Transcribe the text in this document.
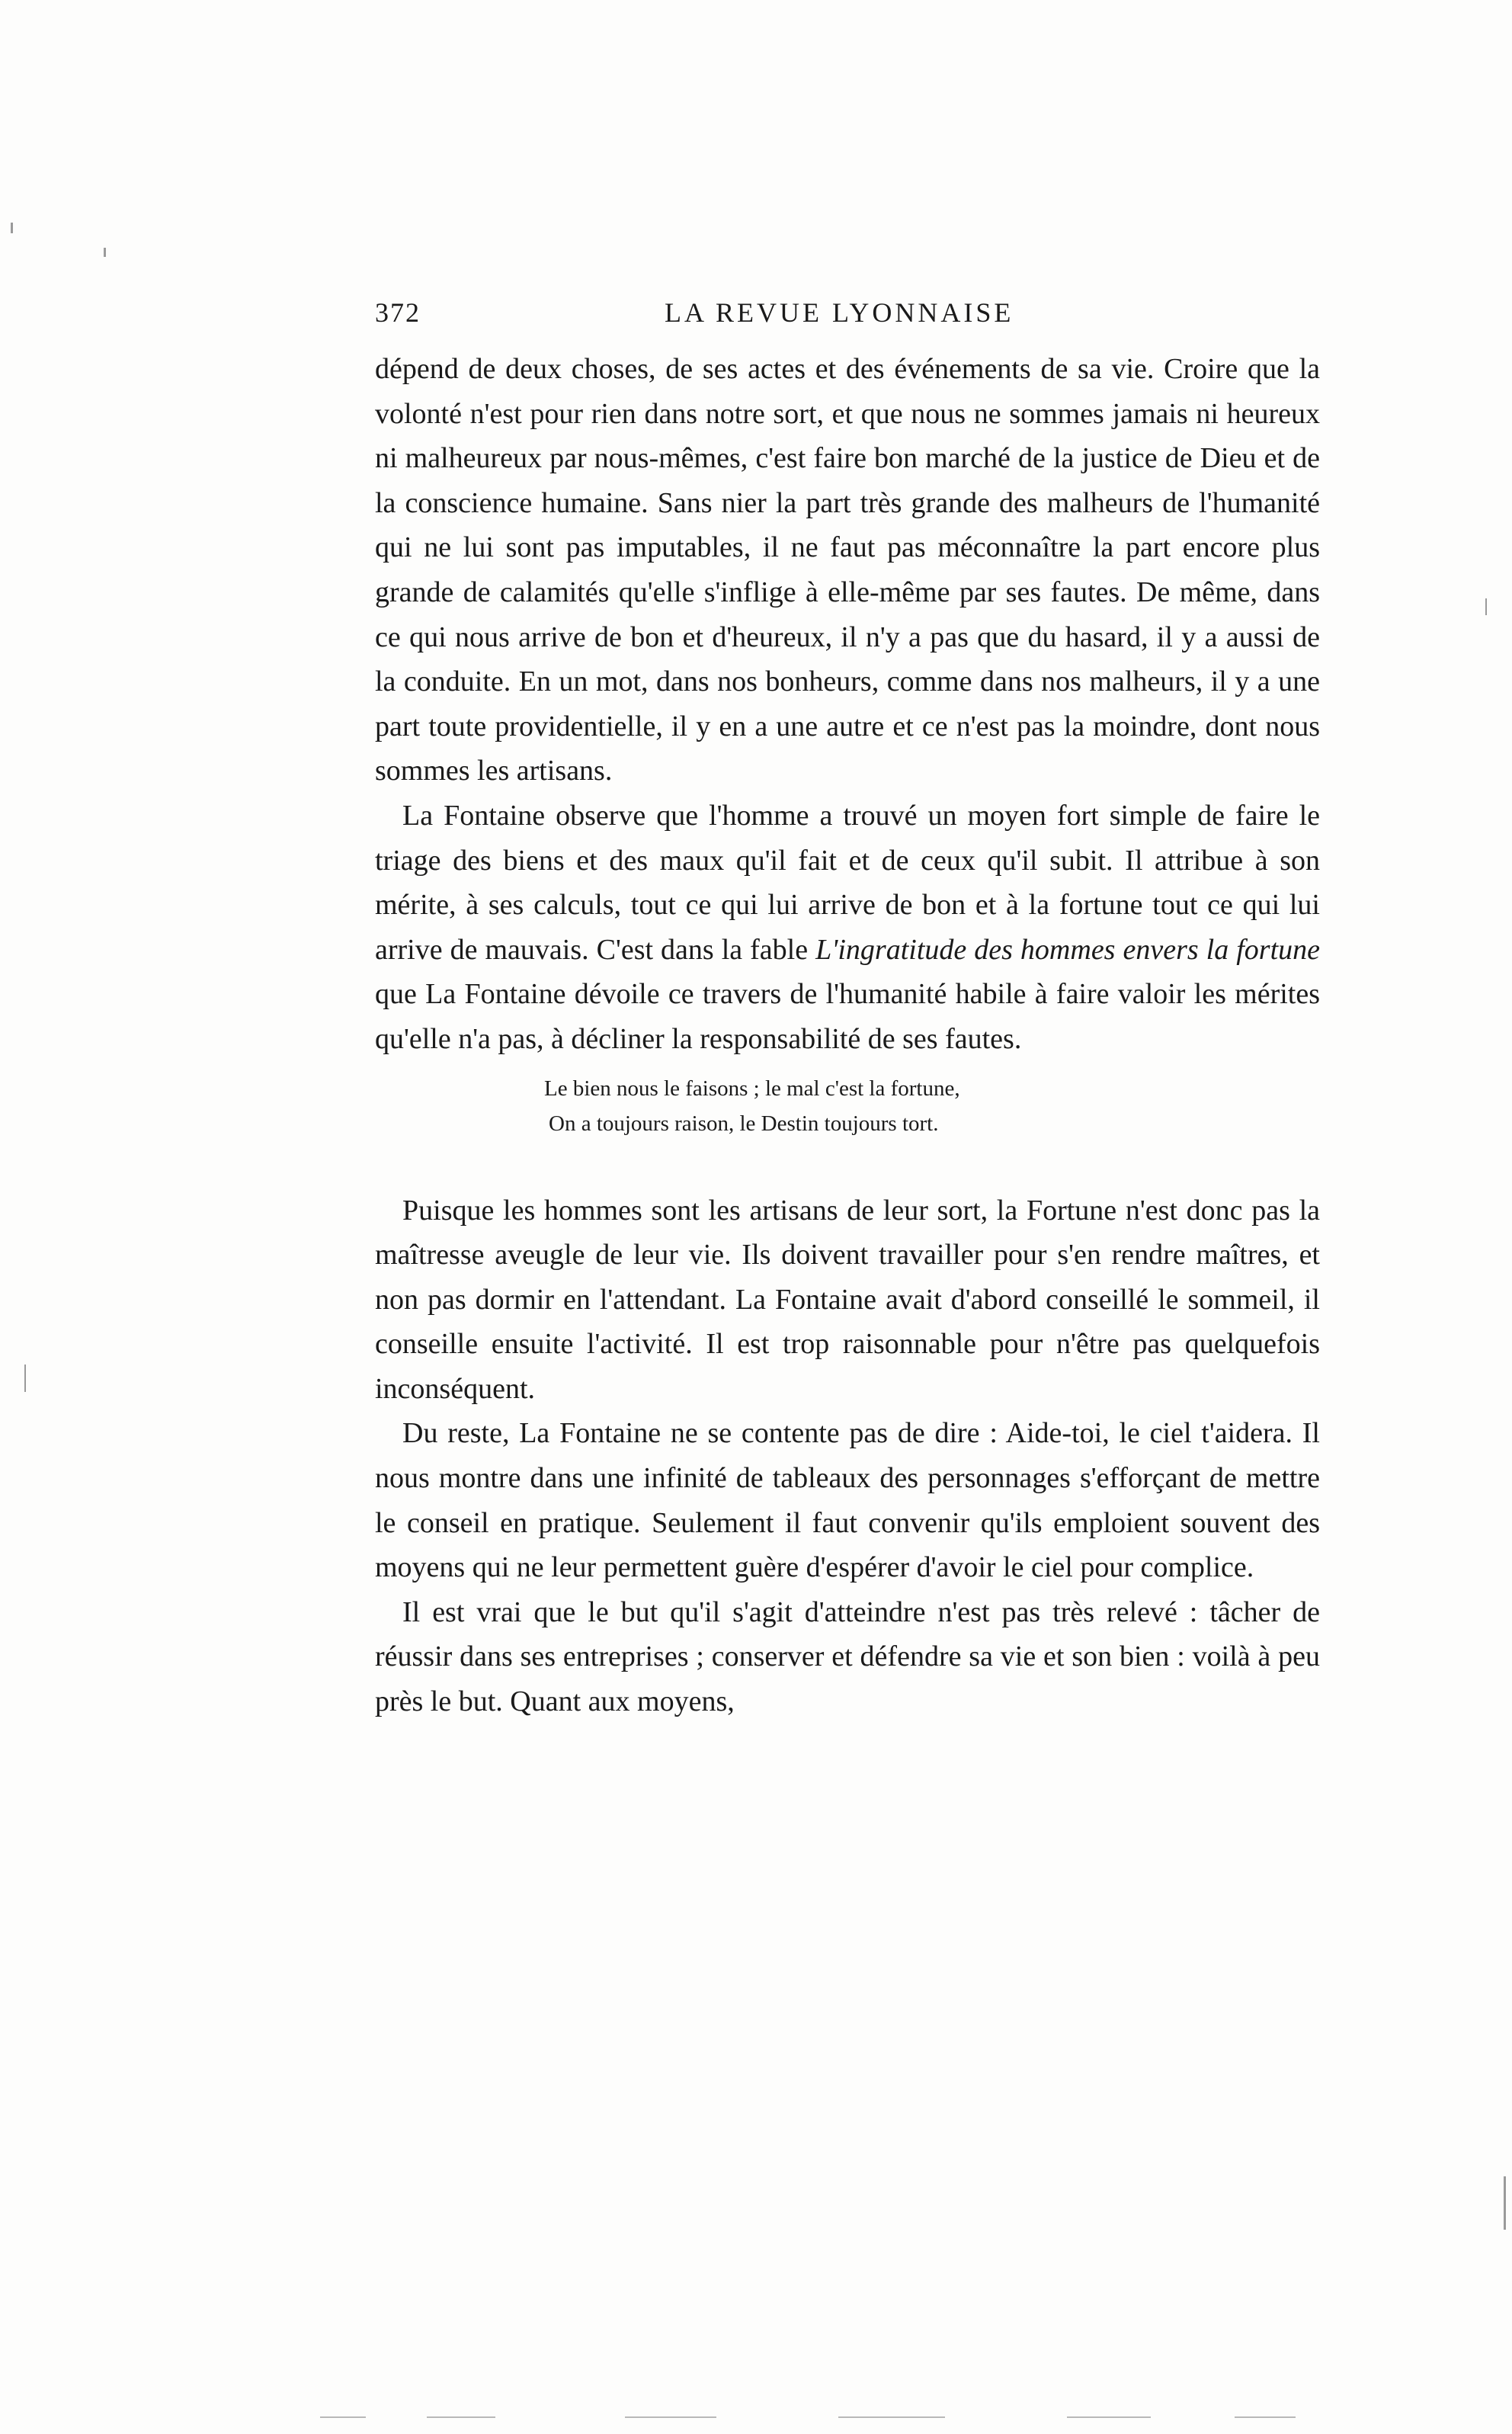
372	LA REVUE LYONNAISE

dépend de deux choses, de ses actes et des événements de sa vie. Croire que la volonté n'est pour rien dans notre sort, et que nous ne sommes jamais ni heureux ni malheureux par nous-mêmes, c'est faire bon marché de la justice de Dieu et de la conscience humaine. Sans nier la part très grande des malheurs de l'humanité qui ne lui sont pas imputables, il ne faut pas méconnaître la part encore plus grande de calamités qu'elle s'inflige à elle-même par ses fautes. De même, dans ce qui nous arrive de bon et d'heureux, il n'y a pas que du hasard, il y a aussi de la conduite. En un mot, dans nos bonheurs, comme dans nos malheurs, il y a une part toute providentielle, il y en a une autre et ce n'est pas la moindre, dont nous sommes les artisans.

La Fontaine observe que l'homme a trouvé un moyen fort simple de faire le triage des biens et des maux qu'il fait et de ceux qu'il subit. Il attribue à son mérite, à ses calculs, tout ce qui lui arrive de bon et à la fortune tout ce qui lui arrive de mauvais. C'est dans la fable L'ingratitude des hommes envers la fortune que La Fontaine dévoile ce travers de l'humanité habile à faire valoir les mérites qu'elle n'a pas, à décliner la responsabilité de ses fautes.

Le bien nous le faisons ; le mal c'est la fortune,
On a toujours raison, le Destin toujours tort.

Puisque les hommes sont les artisans de leur sort, la Fortune n'est donc pas la maîtresse aveugle de leur vie. Ils doivent travailler pour s'en rendre maîtres, et non pas dormir en l'attendant. La Fontaine avait d'abord conseillé le sommeil, il conseille ensuite l'activité. Il est trop raisonnable pour n'être pas quelquefois inconséquent.

Du reste, La Fontaine ne se contente pas de dire : Aide-toi, le ciel t'aidera. Il nous montre dans une infinité de tableaux des personnages s'efforçant de mettre le conseil en pratique. Seulement il faut convenir qu'ils emploient souvent des moyens qui ne leur permettent guère d'espérer d'avoir le ciel pour complice.

Il est vrai que le but qu'il s'agit d'atteindre n'est pas très relevé : tâcher de réussir dans ses entreprises ; conserver et défendre sa vie et son bien : voilà à peu près le but. Quant aux moyens,
